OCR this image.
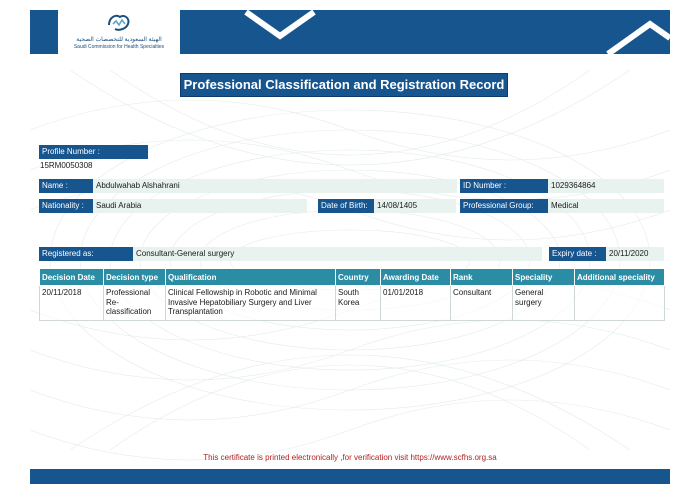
الهيئة السعودية للتخصصات الصحية
Saudi Commission for Health Specialties
Professional Classification and Registration Record
Profile Number :
15RM0050308
Name :	Abdulwahab Alshahrani	ID Number :	1029364864
Nationality :	Saudi Arabia	Date of Birth:	14/08/1405	Professional Group:	Medical
Registered as:	Consultant-General surgery	Expiry date :	20/11/2020
Decision Date	Decision type	Qualification	Country	Awarding Date	Rank	Speciality	Additional speciality
20/11/2018	Professional Re-classification	Clinical Fellowship in Robotic and Minimal Invasive Hepatobiliary Surgery and Liver Transplantation	South Korea	01/01/2018	Consultant	General surgery	
This certificate is printed electronically ,for verification visit https://www.scfhs.org.sa
